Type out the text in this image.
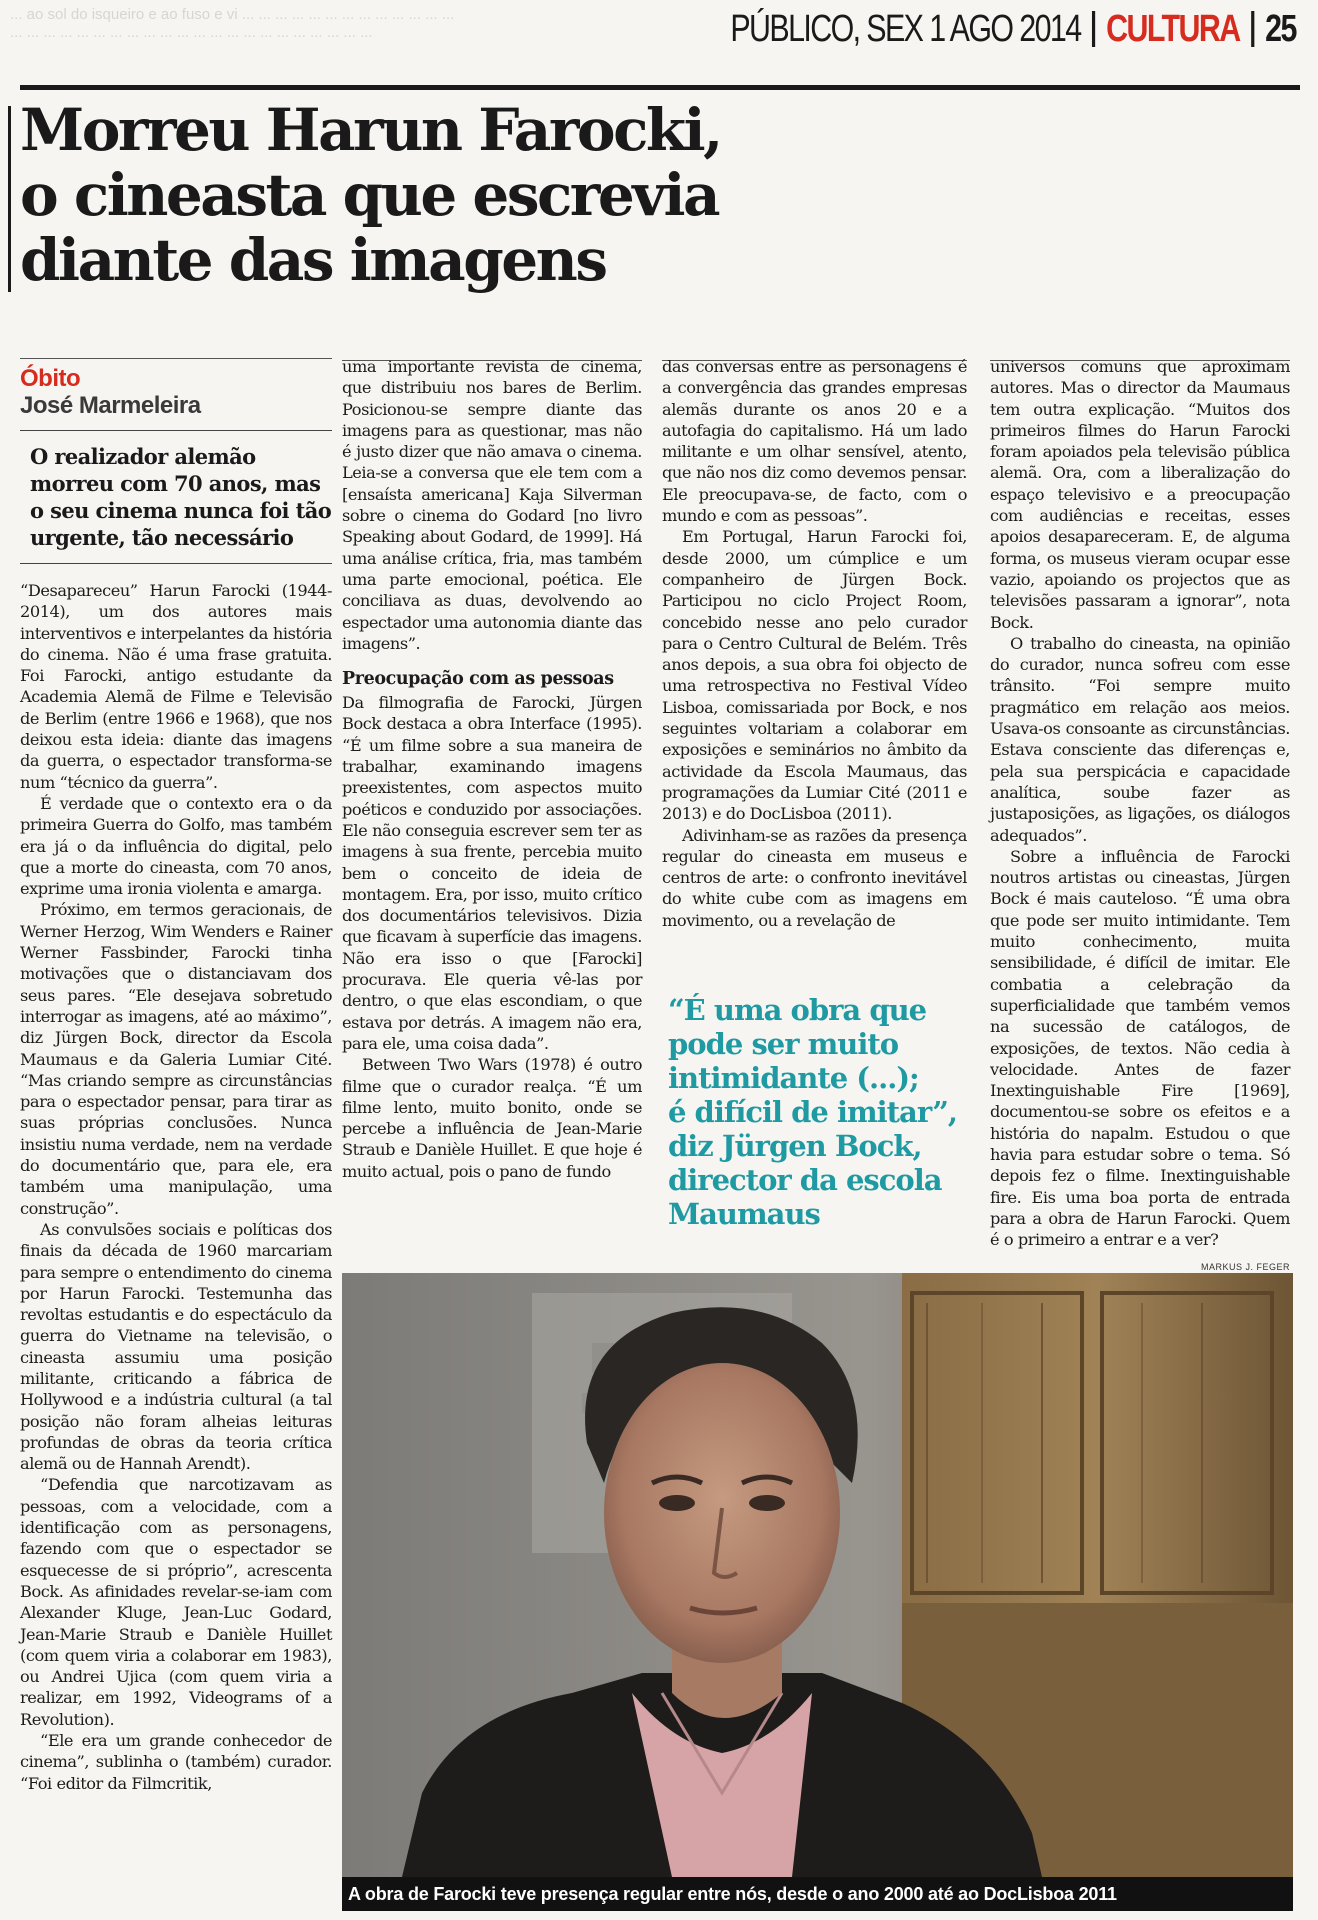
... ao sol do isqueiro e ao fuso e vi ... ... ... ... ... ... ... ... ... ... ... ... ...
... ... ... ... ... ... ... ... ... ... ... ... ... ... ... ... ... ... ... ... ... ...	PÚBLICO, SEX 1 AGO 2014 CULTURA 25
Morreu Harun Farocki,
o cineasta que escrevia
diante das imagens
Óbito
José Marmeleira
O realizador alemão morreu com 70 anos, mas o seu cinema nunca foi tão urgente, tão necessário

“Desapareceu” Harun Farocki (1944-2014), um dos autores mais interventivos e interpelantes da história do cinema. Não é uma frase gratuita. Foi Farocki, antigo estudante da Academia Alemã de Filme e Televisão de Berlim (entre 1966 e 1968), que nos deixou esta ideia: diante das imagens da guerra, o espectador transforma-se num “técnico da guerra”.

É verdade que o contexto era o da primeira Guerra do Golfo, mas também era já o da influência do digital, pelo que a morte do cineasta, com 70 anos, exprime uma ironia violenta e amarga.

Próximo, em termos geracionais, de Werner Herzog, Wim Wenders e Rainer Werner Fassbinder, Farocki tinha motivações que o distanciavam dos seus pares. “Ele desejava sobretudo interrogar as imagens, até ao máximo”, diz Jürgen Bock, director da Escola Maumaus e da Galeria Lumiar Cité. “Mas criando sempre as circunstâncias para o espectador pensar, para tirar as suas próprias conclusões. Nunca insistiu numa verdade, nem na verdade do documentário que, para ele, era também uma manipulação, uma construção”.

As convulsões sociais e políticas dos finais da década de 1960 marcariam para sempre o entendimento do cinema por Harun Farocki. Testemunha das revoltas estudantis e do espectáculo da guerra do Vietname na televisão, o cineasta assumiu uma posição militante, criticando a fábrica de Hollywood e a indústria cultural (a tal posição não foram alheias leituras profundas de obras da teoria crítica alemã ou de Hannah Arendt).

“Defendia que narcotizavam as pessoas, com a velocidade, com a identificação com as personagens, fazendo com que o espectador se esquecesse de si próprio”, acrescenta Bock. As afinidades revelar-se-iam com Alexander Kluge, Jean-Luc Godard, Jean-Marie Straub e Danièle Huillet (com quem viria a colaborar em 1983), ou Andrei Ujica (com quem viria a realizar, em 1992, Videograms of a Revolution).

“Ele era um grande conhecedor de cinema”, sublinha o (também) curador. “Foi editor da Filmcritik,

uma importante revista de cinema, que distribuiu nos bares de Berlim. Posicionou-se sempre diante das imagens para as questionar, mas não é justo dizer que não amava o cinema. Leia-se a conversa que ele tem com a [ensaísta americana] Kaja Silverman sobre o cinema do Godard [no livro Speaking about Godard, de 1999]. Há uma análise crítica, fria, mas também uma parte emocional, poética. Ele conciliava as duas, devolvendo ao espectador uma autonomia diante das imagens”.

Preocupação com as pessoas

Da filmografia de Farocki, Jürgen Bock destaca a obra Interface (1995). “É um filme sobre a sua maneira de trabalhar, examinando imagens preexistentes, com aspectos muito poéticos e conduzido por associações. Ele não conseguia escrever sem ter as imagens à sua frente, percebia muito bem o conceito de ideia de montagem. Era, por isso, muito crítico dos documentários televisivos. Dizia que ficavam à superfície das imagens. Não era isso o que [Farocki] procurava. Ele queria vê-las por dentro, o que elas escondiam, o que estava por detrás. A imagem não era, para ele, uma coisa dada”.

Between Two Wars (1978) é outro filme que o curador realça. “É um filme lento, muito bonito, onde se percebe a influência de Jean-Marie Straub e Danièle Huillet. E que hoje é muito actual, pois o pano de fundo

das conversas entre as personagens é a convergência das grandes empresas alemãs durante os anos 20 e a autofagia do capitalismo. Há um lado militante e um olhar sensível, atento, que não nos diz como devemos pensar. Ele preocupava-se, de facto, com o mundo e com as pessoas”.

Em Portugal, Harun Farocki foi, desde 2000, um cúmplice e um companheiro de Jürgen Bock. Participou no ciclo Project Room, concebido nesse ano pelo curador para o Centro Cultural de Belém. Três anos depois, a sua obra foi objecto de uma retrospectiva no Festival Vídeo Lisboa, comissariada por Bock, e nos seguintes voltariam a colaborar em exposições e seminários no âmbito da actividade da Escola Maumaus, das programações da Lumiar Cité (2011 e 2013) e do DocLisboa (2011).

Adivinham-se as razões da presença regular do cineasta em museus e centros de arte: o confronto inevitável do white cube com as imagens em movimento, ou a revelação de

“É uma obra que
pode ser muito
intimidante (...);
é difícil de imitar”,
diz Jürgen Bock,
director da escola
Maumaus

universos comuns que aproximam autores. Mas o director da Maumaus tem outra explicação. “Muitos dos primeiros filmes do Harun Farocki foram apoiados pela televisão pública alemã. Ora, com a liberalização do espaço televisivo e a preocupação com audiências e receitas, esses apoios desapareceram. E, de alguma forma, os museus vieram ocupar esse vazio, apoiando os projectos que as televisões passaram a ignorar”, nota Bock.

O trabalho do cineasta, na opinião do curador, nunca sofreu com esse trânsito. “Foi sempre muito pragmático em relação aos meios. Usava-os consoante as circunstâncias. Estava consciente das diferenças e, pela sua perspicácia e capacidade analítica, soube fazer as justaposições, as ligações, os diálogos adequados”.

Sobre a influência de Farocki noutros artistas ou cineastas, Jürgen Bock é mais cauteloso. “É uma obra que pode ser muito intimidante. Tem muito conhecimento, muita sensibilidade, é difícil de imitar. Ele combatia a celebração da superficialidade que também vemos na sucessão de catálogos, de exposições, de textos. Não cedia à velocidade. Antes de fazer Inextinguishable Fire [1969], documentou-se sobre os efeitos e a história do napalm. Estudou o que havia para estudar sobre o tema. Só depois fez o filme. Inextinguishable fire. Eis uma boa porta de entrada para a obra de Harun Farocki. Quem é o primeiro a entrar e a ver?

MARKUS J. FEGER
A obra de Farocki teve presença regular entre nós, desde o ano 2000 até ao DocLisboa 2011
